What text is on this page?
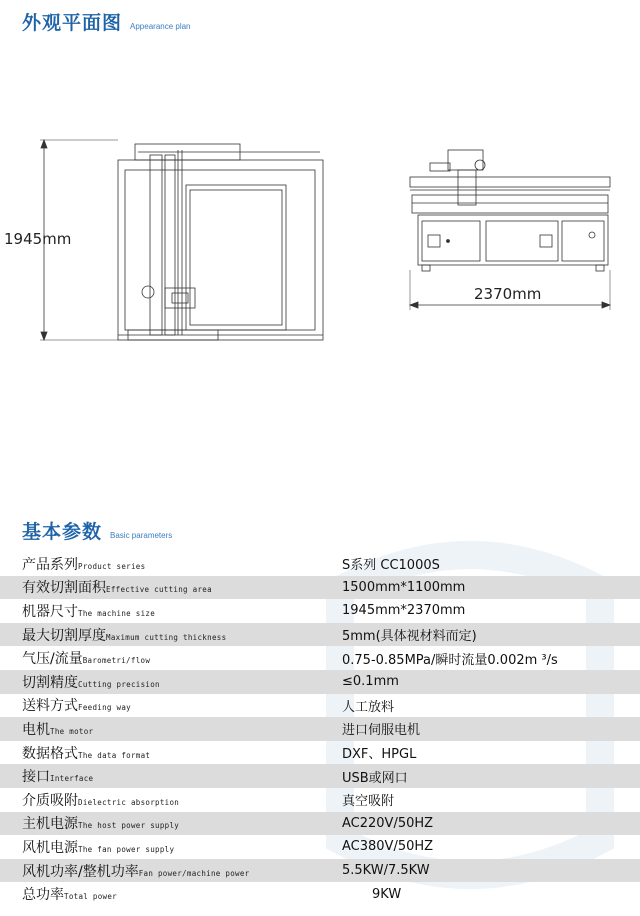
外观平面图 Appearance plan
1945mm
2370mm
基本参数 Basic parameters
产品系列Product series	S系列 CC1000S
有效切割面积Effective cutting area	1500mm*1100mm
机器尺寸The machine size	1945mm*2370mm
最大切割厚度Maximum cutting thickness	5mm(具体视材料而定)
气压/流量Barometri/flow	0.75-0.85MPa/瞬时流量0.002m ³/s
切割精度Cutting precision	≤0.1mm
送料方式Feeding way	人工放料
电机The motor	进口伺服电机
数据格式The data format	DXF、HPGL
接口Interface	USB或网口
介质吸附Dielectric absorption	真空吸附
主机电源The host power supply	AC220V/50HZ
风机电源The fan power supply	AC380V/50HZ
风机功率/整机功率Fan power/machine power	5.5KW/7.5KW
总功率Total power	9KW
